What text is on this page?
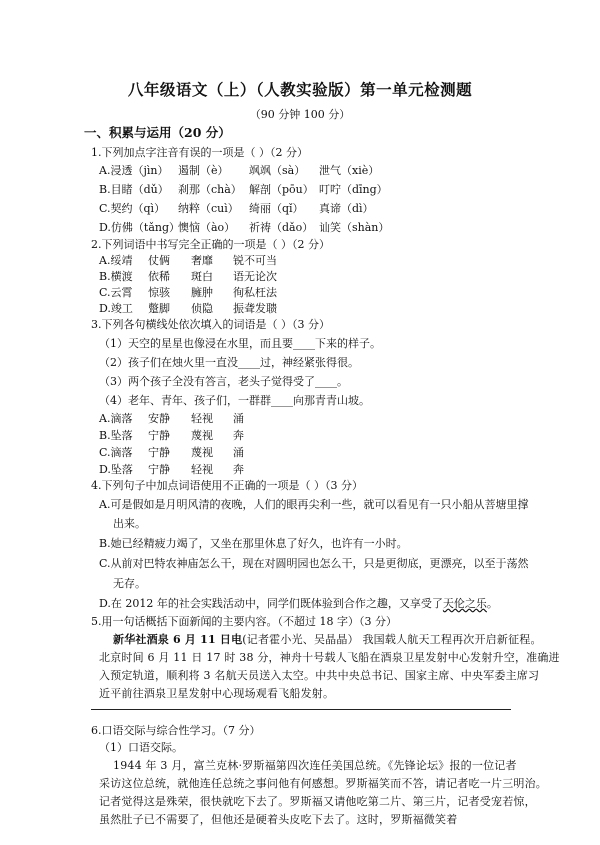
八年级语文（上）（人教实验版）第一单元检测题
（90 分钟 100 分）
一、积累与运用（20 分）
1.下列加点字注音有误的一项是（ ）（2 分）
A.浸透（jìn） 遏制（è） 飒飒（sà） 泄气（xiè）
B.目睹（dǔ） 刹那（chà） 解剖（pōu） 叮咛（dīng）
C.契约（qì） 纳粹（cuì） 绮丽（qǐ） 真谛（dì）
D.仿佛（tǎng）
懊恼（ào） 祈祷（dǎo） 讪笑（shàn）
2.下列词语中书写完全正确的一项是（ ）（2 分）
A.绥靖 仗俩 奢靡 锐不可当
B.横渡 依稀 斑白 语无论次
C.云霄 惊骇 臃肿 徇私枉法
D.竣工 蹩脚 侦隐 振聋发聩
3.下列各句横线处依次填入的词语是（ ）（3 分）
（1）天空的星星也像浸在水里，而且要____下来的样子。
（2）孩子们在烛火里一直没____过，神经紧张得很。
（3）两个孩子全没有答言，老头子觉得受了____。
（4）老年、青年、孩子们，一群群____向那青青山坡。
A.滴落 安静 轻视 涌
B.坠落 宁静 蔑视 奔
C.滴落 宁静 蔑视 涌
D.坠落 宁静 轻视 奔
4.下列句子中加点词语使用不正确的一项是（ ）（3 分）
A.可是假如是月明风清的夜晚，人们的眼再尖利一些，就可以看见有一只小船从菩塘里撑
出来。
B.她已经精疲力竭了，又坐在那里休息了好久，也许有一小时。
C.从前对巴特农神庙怎么干，现在对圆明园也怎么干，只是更彻底，更漂亮，以至于荡然
无存。
D.在 2012 年的社会实践活动中，同学们既体验到合作之趣，又享受了天伦之乐。
5.用一句话概括下面新闻的主要内容。（不超过 18 字）（3 分）
新华社酒泉 6 月 11 日电(记者霍小光、吴晶晶） 我国载人航天工程再次开启新征程。
北京时间 6 月 11 日 17 时 38 分，神舟十号载人飞船在酒泉卫星发射中心发射升空，准确进
入预定轨道，顺利将 3 名航天员送入太空。中共中央总书记、国家主席、中央军委主席习
近平前往酒泉卫星发射中心现场观看飞船发射。
6.口语交际与综合性学习。（7 分）
（1）口语交际。
1944 年 3 月，富兰克林·罗斯福第四次连任美国总统。《先锋论坛》报的一位记者
采访这位总统，就他连任总统之事问他有何感想。罗斯福笑而不答，请记者吃一片三明治。
记者觉得这是殊荣，很快就吃下去了。罗斯福又请他吃第二片、第三片，记者受宠若惊，
虽然肚子已不需要了，但他还是硬着头皮吃下去了。这时，罗斯福微笑着
